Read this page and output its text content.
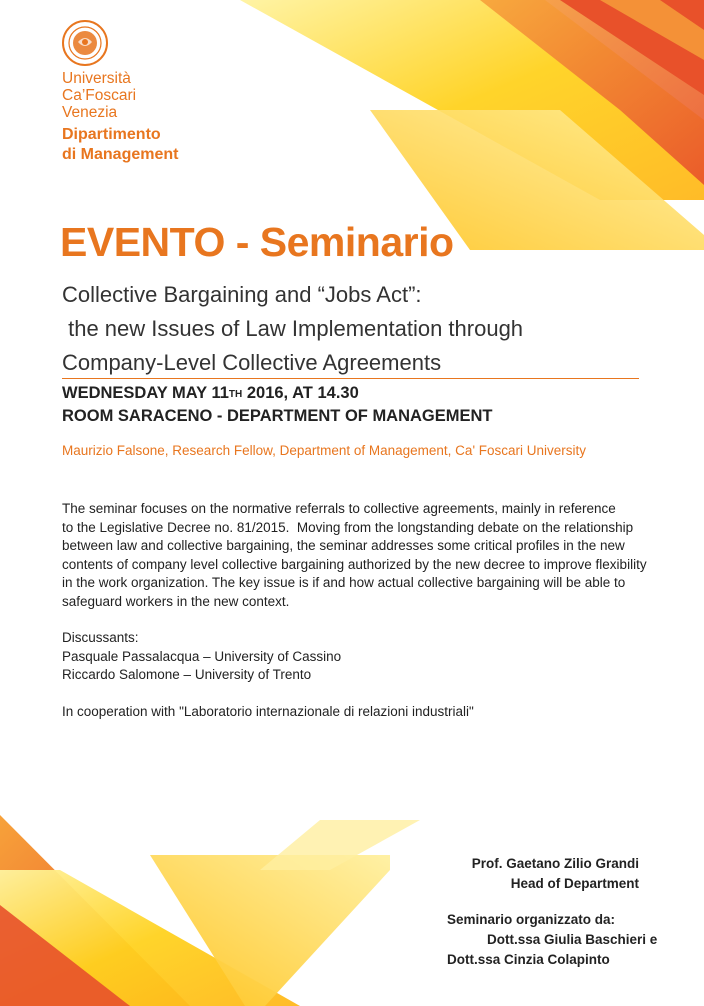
Università
Ca’Foscari
Venezia
Dipartimento
di Management
EVENTO - Seminario
Collective Bargaining and “Jobs Act”:
the new Issues of Law Implementation through
Company-Level Collective Agreements
WEDNESDAY MAY 11TH 2016, AT 14.30
ROOM SARACENO - DEPARTMENT OF MANAGEMENT
Maurizio Falsone, Research Fellow, Department of Management, Ca' Foscari University
The seminar focuses on the normative referrals to collective agreements, mainly in reference
to the Legislative Decree no. 81/2015.  Moving from the longstanding debate on the relationship
between law and collective bargaining, the seminar addresses some critical profiles in the new
contents of company level collective bargaining authorized by the new decree to improve flexibility
in the work organization. The key issue is if and how actual collective bargaining will be able to
safeguard workers in the new context.
Discussants:
Pasquale Passalacqua – University of Cassino
Riccardo Salomone – University of Trento
In cooperation with "Laboratorio internazionale di relazioni industriali"
Prof. Gaetano Zilio Grandi
Head of Department
Seminario organizzato da:
Dott.ssa Giulia Baschieri e
Dott.ssa Cinzia Colapinto
